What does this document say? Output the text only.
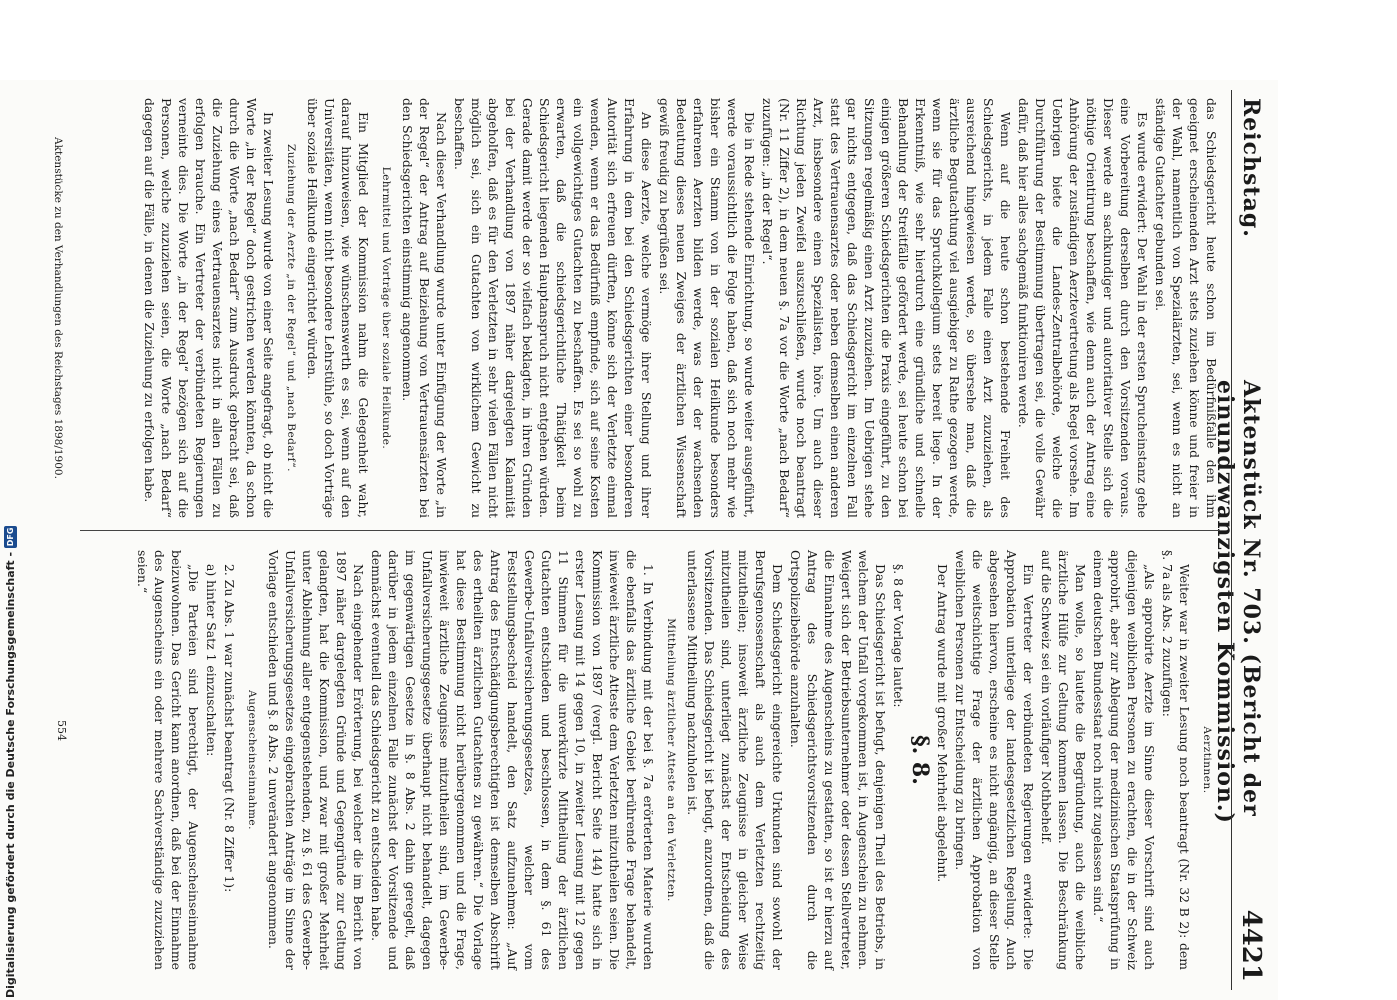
Reichstag.
Aktenstück Nr. 703. (Bericht der einundzwanzigsten Kommission.)
4421

das Schiedsgericht heute schon im Bedürfnißfalle den ihm geeignet erscheinenden Arzt stets zuziehen könne und freier in der Wahl, namentlich von Spezialärzten, sei, wenn es nicht an ständige Gutachter gebunden sei.

Es wurde erwidert: Der Wahl in der ersten Sprucheinstanz gehe eine Vorbereitung derselben durch den Vorsitzenden voraus. Dieser werde an sachkundiger und autoritativer Stelle sich die nöthige Orientirung beschaffen, wie denn auch der Antrag eine Anhörung der zuständigen Aerztevertretung als Regel vorsehe. Im Uebrigen biete die Landes-Zentralbehörde, welche die Durchführung der Bestimmung übertragen sei, die volle Gewähr dafür, daß hier alles sachgemäß funktioniren werde.

Wenn auf die heute schon bestehende Freiheit des Schiedsgerichts, in jedem Falle einen Arzt zuzuziehen, als ausreichend hingewiesen werde, so übersehe man, daß die ärztliche Begutachtung viel ausgiebiger zu Rathe gezogen werde, wenn sie für das Spruchkollegium stets bereit liege. In der Erkenntniß, wie sehr hierdurch eine gründliche und schnelle Behandlung der Streitfälle gefördert werde, sei heute schon bei einigen größeren Schiedsgerichten die Praxis eingeführt, zu den Sitzungen regelmäßig einen Arzt zuzuziehen. Im Uebrigen stehe gar nichts entgegen, daß das Schiedsgericht im einzelnen Fall statt des Vertrauensarztes oder neben demselben einen anderen Arzt, insbesondere einen Spezialisten, höre. Um auch dieser Richtung jeden Zweifel auszuschließen, wurde noch beantragt (Nr. 11 Ziffer 2), in dem neuen §. 7a vor die Worte „nach Bedarf“ zuzufügen: „in der Regel“.

Die in Rede stehende Einrichtung, so wurde weiter ausgeführt, werde voraussichtlich die Folge haben, daß sich noch mehr wie bisher ein Stamm von in der sozialen Heilkunde besonders erfahrenen Aerzten bilden werde, was der der wachsenden Bedeutung dieses neuen Zweiges der ärztlichen Wissenschaft gewiß freudig zu begrüßen sei.

An diese Aerzte, welche vermöge ihrer Stellung und ihrer Erfahrung in dem bei den Schiedsgerichten einer besonderen Autorität sich erfreuen dürften, könne sich der Verletzte einmal wenden, wenn er das Bedürfniß empfinde, sich auf seine Kosten ein vollgewichtiges Gutachten zu beschaffen. Es sei so wohl zu erwarten, daß die schiedsgerichtliche Thätigkeit beim Schiedsgericht liegenden Hauptanspruch nicht entgehen würden. Gerade damit werde der so vielfach beklagten, in ihren Gründen bei der Verhandlung von 1897 näher dargelegten Kalamität abgeholfen, daß es für den Verletzten in sehr vielen Fällen nicht möglich sei, sich ein Gutachten von wirklichem Gewicht zu beschaffen.

Nach dieser Verhandlung wurde unter Einfügung der Worte „in der Regel“ der Antrag auf Beiziehung von Vertrauensärzten bei den Schiedsgerichten einstimmig angenommen.

Lehrmittel und Vorträge über soziale Heilkunde.

Ein Mitglied der Kommission nahm die Gelegenheit wahr, darauf hinzuweisen, wie wünschenswerth es sei, wenn auf den Universitäten, wenn nicht besondere Lehrstühle, so doch Vorträge über soziale Heilkunde eingerichtet würden.

Zuziehung der Aerzte „in der Regel“ und „nach Bedarf“.

In zweiter Lesung wurde von einer Seite angefragt, ob nicht die Worte „in der Regel“ doch gestrichen werden könnten, da schon durch die Worte „nach Bedarf“ zum Ausdruck gebracht sei, daß die Zuziehung eines Vertrauensarztes nicht in allen Fällen zu erfolgen brauche. Ein Vertreter der verbündeten Regierungen verneinte dies. Die Worte „in der Regel“ bezögen sich auf die Personen, welche zuzuziehen seien, die Worte „nach Bedarf“ dagegen auf die Fälle, in denen die Zuziehung zu erfolgen habe.

Aerztinnen.

Weiter war in zweiter Lesung noch beantragt (Nr. 32 B 2): dem §. 7a als Abs. 2 zuzufügen:

„Als approbirte Aerzte im Sinne dieser Vorschrift sind auch diejenigen weiblichen Personen zu erachten, die in der Schweiz approbirt, aber zur Ablegung der medizinischen Staatsprüfung in einem deutschen Bundesstaat noch nicht zugelassen sind.“

Man wolle, so lautete die Begründung, auch die weibliche ärztliche Hülfe zur Geltung kommen lassen. Die Beschränkung auf die Schweiz sei ein vorläufiger Nothbehelf.

Ein Vertreter der verbündeten Regierungen erwiderte: Die Approbation unterliege der landesgesetzlichen Regelung. Auch abgesehen hiervon, erscheine es nicht angängig, an dieser Stelle die weitschichtige Frage der ärztlichen Approbation von weiblichen Personen zur Entscheidung zu bringen.

Der Antrag wurde mit großer Mehrheit abgelehnt.

§. 8.

§. 8 der Vorlage lautet:

Das Schiedsgericht ist befugt, denjenigen Theil des Betriebs, in welchem der Unfall vorgekommen ist, in Augenschein zu nehmen. Weigert sich der Betriebsunternehmer oder dessen Stellvertreter, die Einnahme des Augenscheins zu gestatten, so ist er hierzu auf Antrag des Schiedsgerichtsvorsitzenden durch die Ortspolizeibehörde anzuhalten.

Dem Schiedsgericht eingereichte Urkunden sind sowohl der Berufsgenossenschaft als auch dem Verletzten rechtzeitig mitzutheilen; insoweit ärztliche Zeugnisse in gleicher Weise mitzutheilen sind, unterliegt zunächst der Entscheidung des Vorsitzenden. Das Schiedsgericht ist befugt, anzuordnen, daß die unterlassene Mittheilung nachzuholen ist.

Mittheilung ärztlicher Atteste an den Verletzten.

1. In Verbindung mit der bei §. 7a erörterten Materie wurden die ebenfalls das ärztliche Gebiet berührende Frage behandelt, inwieweit ärztliche Atteste dem Verletzten mitzutheilen seien. Die Kommission von 1897 (vergl. Bericht Seite 144) hatte sich in erster Lesung mit 14 gegen 10, in zweiter Lesung mit 12 gegen 11 Stimmen für die unverkürzte Mittheilung der ärztlichen Gutachten entschieden und beschlossen, in dem §. 61 des Gewerbe-Unfallversicherungsgesetzes, welcher vom Feststellungsbescheid handelt, den Satz aufzunehmen: „Auf Antrag des Entschädigungsberechtigten ist demselben Abschrift des ertheilten ärztlichen Gutachtens zu gewähren.“ Die Vorlage hat diese Bestimmung nicht herübergenommen und die Frage, inwieweit ärztliche Zeugnisse mitzutheilen sind, im Gewerbe-Unfallversicherungsgesetze überhaupt nicht behandelt, dagegen im gegenwärtigen Gesetze in §. 8 Abs. 2 dahin geregelt, daß darüber in jedem einzelnen Falle zunächst der Vorsitzende und demnächst eventuell das Schiedsgericht zu entscheiden habe.

Nach eingehender Erörterung, bei welcher die im Bericht von 1897 näher dargelegten Gründe und Gegengründe zur Geltung gelangten, hat die Kommission, und zwar mit großer Mehrheit unter Ablehnung aller entgegenstehenden, zu §. 61 des Gewerbe-Unfallversicherungsgesetzes eingebrachten Anträge im Sinne der Vorlage entschieden und §. 8 Abs. 2 unverändert angenommen.

Augenscheinseinnahme.

2. Zu Abs. 1 war zunächst beantragt (Nr. 8 Ziffer 1):

a) hinter Satz 1 einzuschalten:

„Die Parteien sind berechtigt, der Augenscheinseinnahme beizuwohnen. Das Gericht kann anordnen, daß bei der Einnahme des Augenscheins ein oder mehrere Sachverständige zuzuziehen seien.“

Aktenstücke zu den Verhandlungen des Reichstages 1898/1900.
554
Digitalisierung gefördert durch die Deutsche Forschungsgemeinschaft -
DFG
